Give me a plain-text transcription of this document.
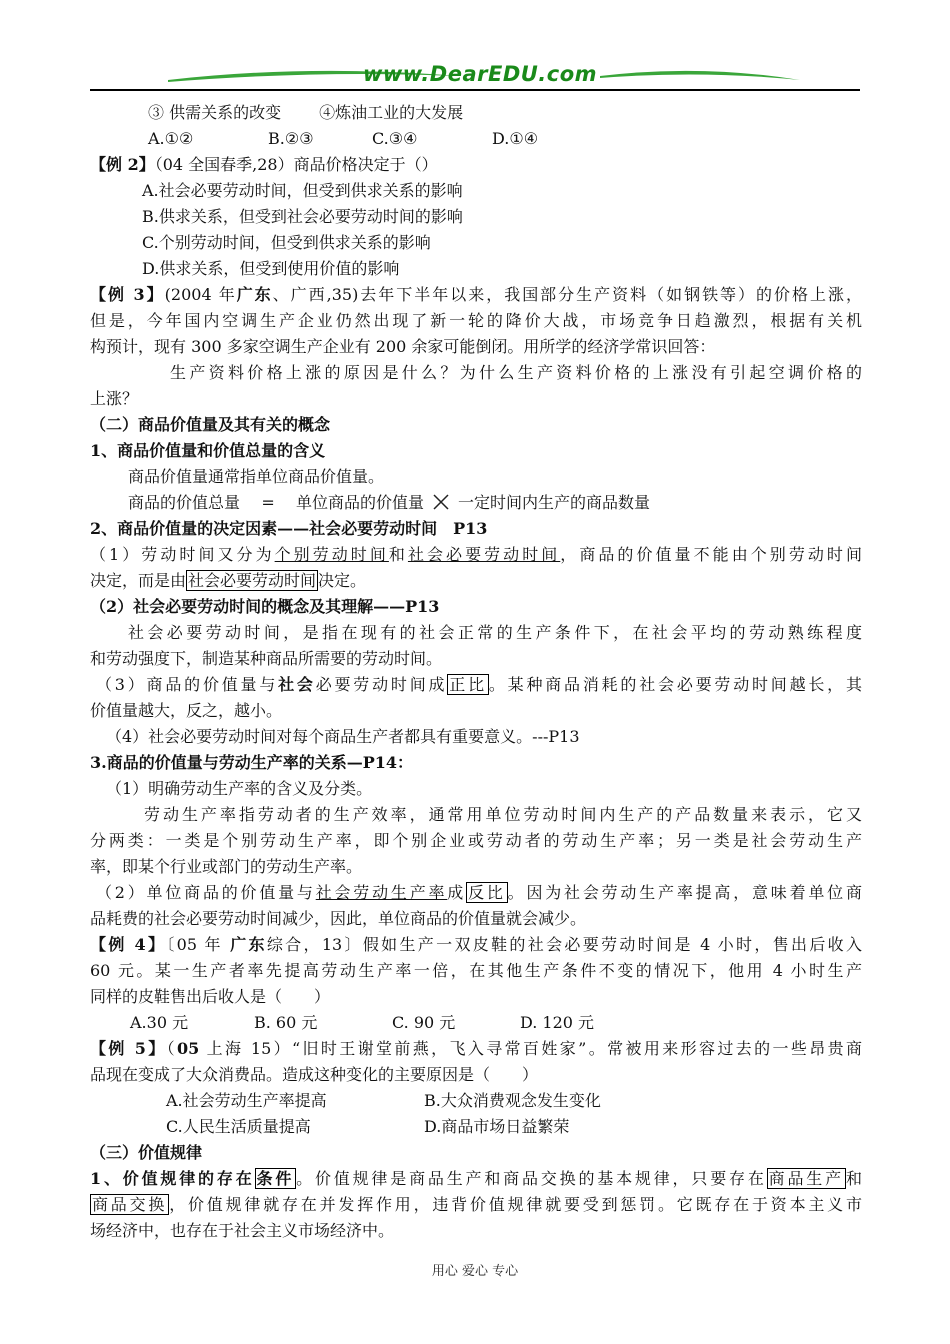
www.DearEDU.com
③ 供需关系的改变 ④炼油工业的大发展
A.①②	B.②③	C.③④	D.①④
【例 2】（04 全国春季,28）商品价格决定于（）
A.社会必要劳动时间，但受到供求关系的影响
B.供求关系，但受到社会必要劳动时间的影响
C.个别劳动时间，但受到供求关系的影响
D.供求关系，但受到使用价值的影响
【例 3】(2004 年广东、广西,35)去年下半年以来，我国部分生产资料（如钢铁等）的价格上涨，
但是，今年国内空调生产企业仍然出现了新一轮的降价大战，市场竞争日趋激烈，根据有关机
构预计，现有 300 多家空调生产企业有 200 余家可能倒闭。用所学的经济学常识回答：
生产资料价格上涨的原因是什么？为什么生产资料价格的上涨没有引起空调价格的
上涨？
（二）商品价值量及其有关的概念
1、商品价值量和价值总量的含义
商品价值量通常指单位商品价值量。
商品的价值总量 = 单位商品的价值量 一定时间内生产的商品数量
2、商品价值量的决定因素——社会必要劳动时间　P13
（1）劳动时间又分为个别劳动时间和社会必要劳动时间，商品的价值量不能由个别劳动时间
决定，而是由 社会必要劳动时间 决定。
（2）社会必要劳动时间的概念及其理解——P13
社会必要劳动时间，是指在现有的社会正常的生产条件下，在社会平均的劳动熟练程度
和劳动强度下，制造某种商品所需要的劳动时间。
（3）商品的价值量与社会必要劳动时间成 正比 。某种商品消耗的社会必要劳动时间越长，其
价值量越大，反之，越小。
（4）社会必要劳动时间对每个商品生产者都具有重要意义。---P13
3.商品的价值量与劳动生产率的关系—P14：
（1）明确劳动生产率的含义及分类。
劳动生产率指劳动者的生产效率，通常用单位劳动时间内生产的产品数量来表示，它又
分两类：一类是个别劳动生产率，即个别企业或劳动者的劳动生产率；另一类是社会劳动生产
率，即某个行业或部门的劳动生产率。
（2）单位商品的价值量与社会劳动生产率成 反比 。因为社会劳动生产率提高，意味着单位商
品耗费的社会必要劳动时间减少，因此，单位商品的价值量就会减少。
【例 4】〔05 年 广东综合，13〕假如生产一双皮鞋的社会必要劳动时间是 4 小时，售出后收入
60 元。某一生产者率先提高劳动生产率一倍，在其他生产条件不变的情况下，他用 4 小时生产
同样的皮鞋售出后收人是（　　）
A.30 元	B. 60 元	C. 90 元	D. 120 元
【例 5】（05 上海 15）“旧时王谢堂前燕，飞入寻常百姓家”。常被用来形容过去的一些昂贵商
品现在变成了大众消费品。造成这种变化的主要原因是（　　）
A.社会劳动生产率提高	B.大众消费观念发生变化
C.人民生活质量提高	D.商品市场日益繁荣
（三）价值规律
1、价值规律的存在 条件 。价值规律是商品生产和商品交换的基本规律，只要存在 商品生产 和
商品交换 ，价值规律就存在并发挥作用，违背价值规律就要受到惩罚。它既存在于资本主义市
场经济中，也存在于社会主义市场经济中。
用心 爱心 专心
